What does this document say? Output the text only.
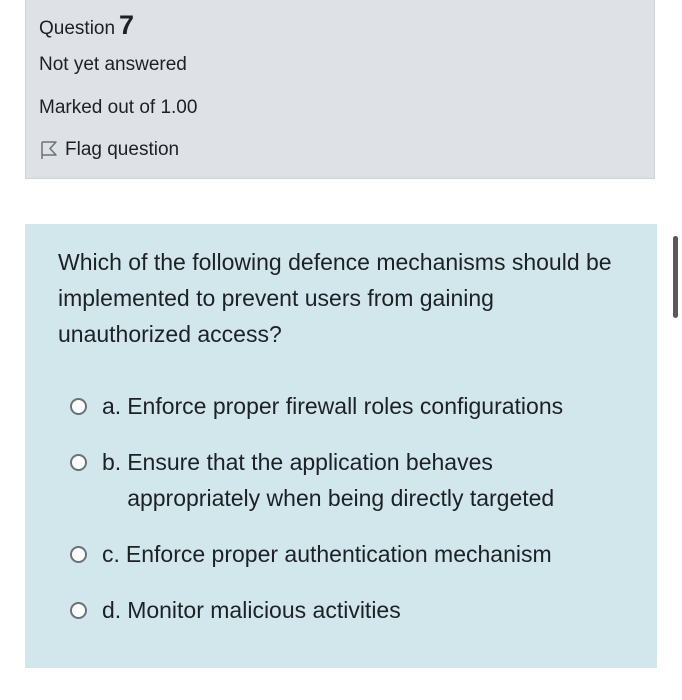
Question 7
Not yet answered
Marked out of 1.00
Flag question
Which of the following defence mechanisms should be implemented to prevent users from gaining unauthorized access?
a. Enforce proper firewall roles configurations
b. Ensure that the application behaves appropriately when being directly targeted
c. Enforce proper authentication mechanism
d. Monitor malicious activities
